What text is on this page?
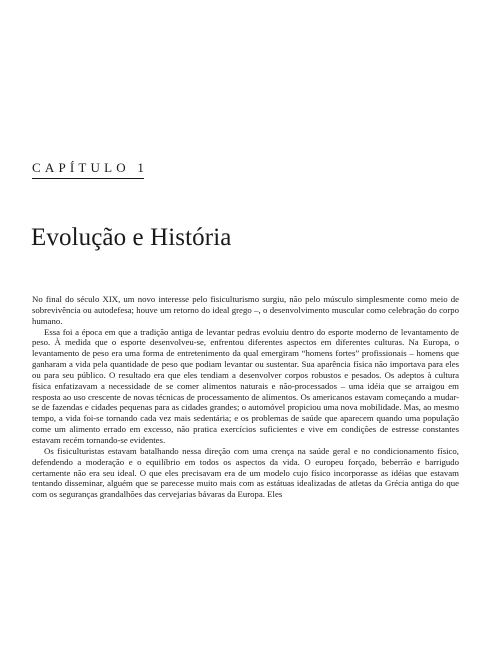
CAPÍTULO 1
Evolução e História

No final do século XIX, um novo interesse pelo fisiculturismo surgiu, não pelo músculo simplesmente como meio de sobrevivência ou autodefesa; houve um retorno do ideal grego –, o desenvolvimento muscular como celebração do corpo humano.

Essa foi a época em que a tradição antiga de levantar pedras evoluiu dentro do esporte moderno de levantamento de peso. À medida que o esporte desenvolveu-se, enfrentou diferentes aspectos em diferentes culturas. Na Europa, o levantamento de peso era uma forma de entretenimento da qual emergiram “homens fortes” profissionais – homens que ganharam a vida pela quantidade de peso que podiam levantar ou sustentar. Sua aparência física não importava para eles ou para seu público. O resultado era que eles tendiam a desenvolver corpos robustos e pesados. Os adeptos à cultura física enfatizavam a necessidade de se comer alimentos naturais e não-processados – uma idéia que se arraigou em resposta ao uso crescente de novas técnicas de processamento de alimentos. Os americanos estavam começando a mudar-se de fazendas e cidades pequenas para as cidades grandes; o automóvel propiciou uma nova mobilidade. Mas, ao mesmo tempo, a vida foi-se tornando cada vez mais sedentária; e os problemas de saúde que aparecem quando uma população come um alimento errado em excesso, não pratica exercícios suficientes e vive em condições de estresse constantes estavam recém tornando-se evidentes.

Os fisiculturistas estavam batalhando nessa direção com uma crença na saúde geral e no condicionamento físico, defendendo a moderação e o equilíbrio em todos os aspectos da vida. O europeu forçado, beberrão e barrigudo certamente não era seu ideal. O que eles precisavam era de um modelo cujo físico incorporasse as idéias que estavam tentando disseminar, alguém que se parecesse muito mais com as estátuas idealizadas de atletas da Grécia antiga do que com os seguranças grandalhões das cervejarias bávaras da Europa. Eles
